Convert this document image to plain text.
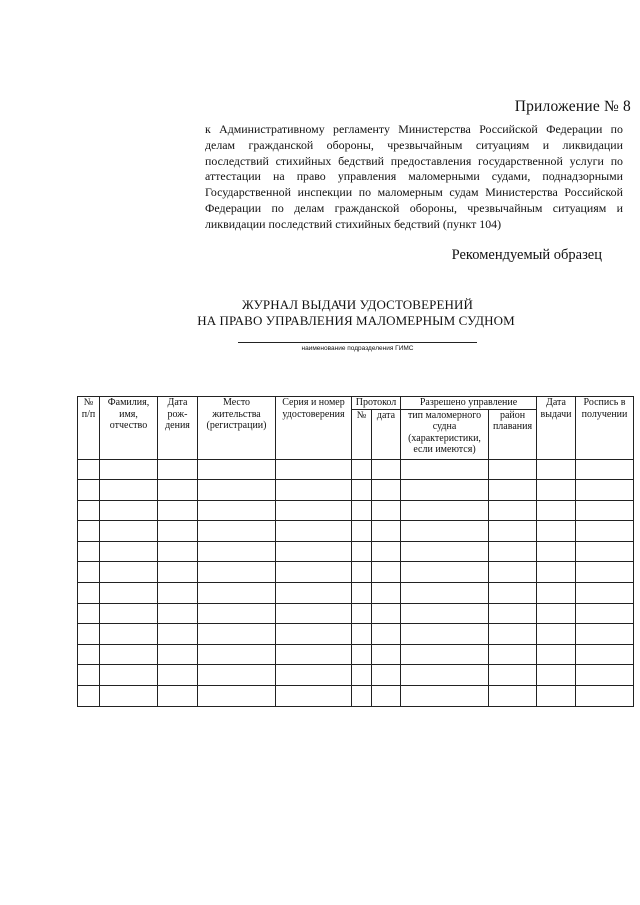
Приложение № 8
к Административному регламенту Министерства Российской Федерации по делам гражданской обороны, чрезвычайным ситуациям и ликвидации последствий стихийных бедствий предоставления государственной услуги по аттестации на право управления маломерными судами, поднадзорными Государственной инспекции по маломерным судам Министерства Российской Федерации по делам гражданской обороны, чрезвычайным ситуациям и ликвидации последствий стихийных бедствий (пункт 104)
Рекомендуемый образец
ЖУРНАЛ ВЫДАЧИ УДОСТОВЕРЕНИЙ
НА ПРАВО УПРАВЛЕНИЯ МАЛОМЕРНЫМ СУДНОМ
наименование подразделения ГИМС
№ п/п	Фамилия, имя, отчество	Дата рож-дения	Место жительства (регистрации)	Серия и номер удостоверения	Протокол		Разрешено управление		Дата выдачи	Роспись в получении
					№	дата	тип маломерного судна (характеристики, если имеются)	район плавания		
